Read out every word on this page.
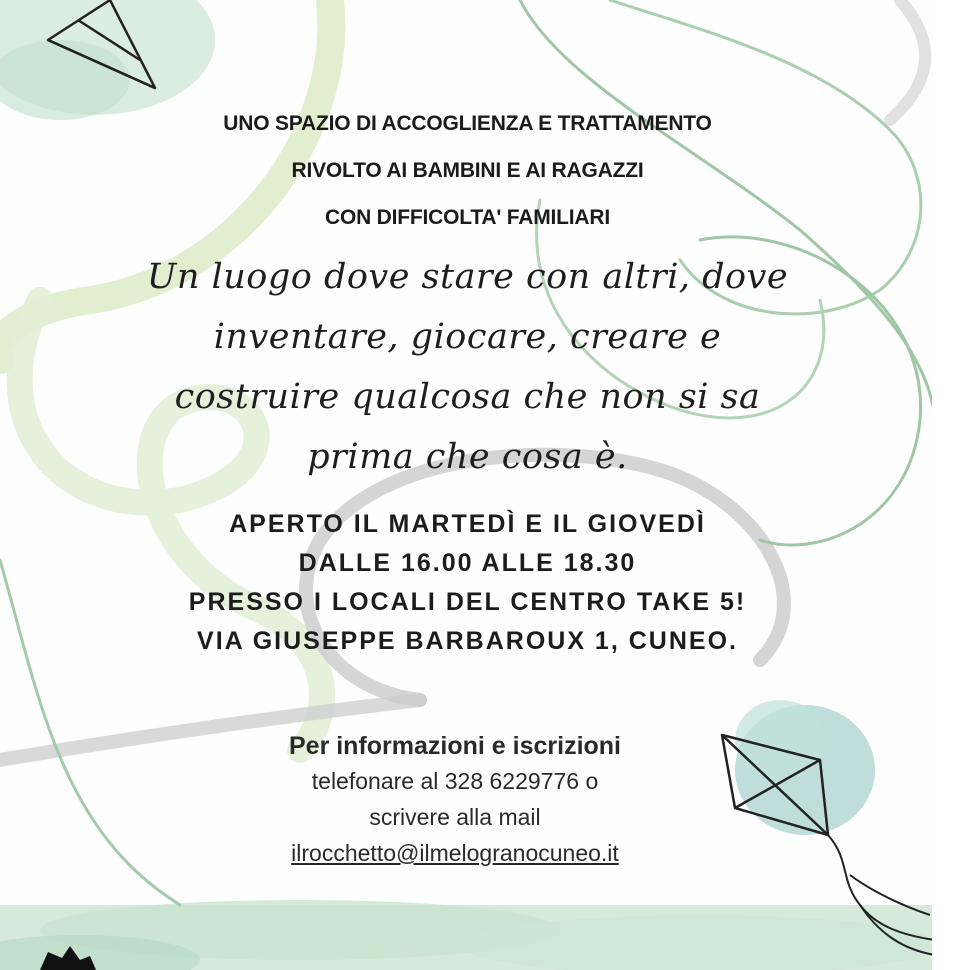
UNO SPAZIO DI ACCOGLIENZA E TRATTAMENTO
RIVOLTO AI BAMBINI E AI RAGAZZI
CON DIFFICOLTA' FAMILIARI
Un luogo dove stare con altri, dove
inventare, giocare, creare e
costruire qualcosa che non si sa
prima che cosa è.
APERTO IL MARTEDÌ E IL GIOVEDÌ
DALLE 16.00 ALLE 18.30
PRESSO I LOCALI DEL CENTRO TAKE 5!
VIA GIUSEPPE BARBAROUX 1, CUNEO.
Per informazioni e iscrizioni
telefonare al 328 6229776 o
scrivere alla mail
ilrocchetto@ilmelogranocuneo.it
